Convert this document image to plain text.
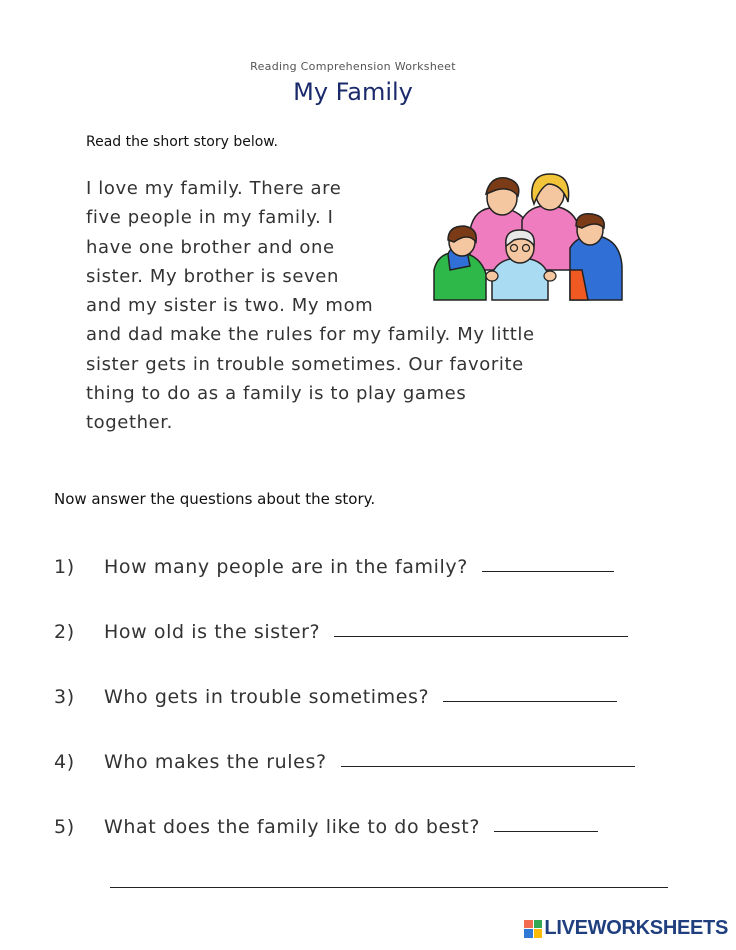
Reading Comprehension Worksheet
My Family
Read the short story below.
I love my family. There are
five people in my family. I
have one brother and one
sister. My brother is seven
and my sister is two. My mom
and dad make the rules for my family. My little
sister gets in trouble sometimes. Our favorite
thing to do as a family is to play games
together.
Now answer the questions about the story.
1)	How many people are in the family?
2)	How old is the sister?
3)	Who gets in trouble sometimes?
4)	Who makes the rules?
5)	What does the family like to do best?
LIVEWORKSHEETS
